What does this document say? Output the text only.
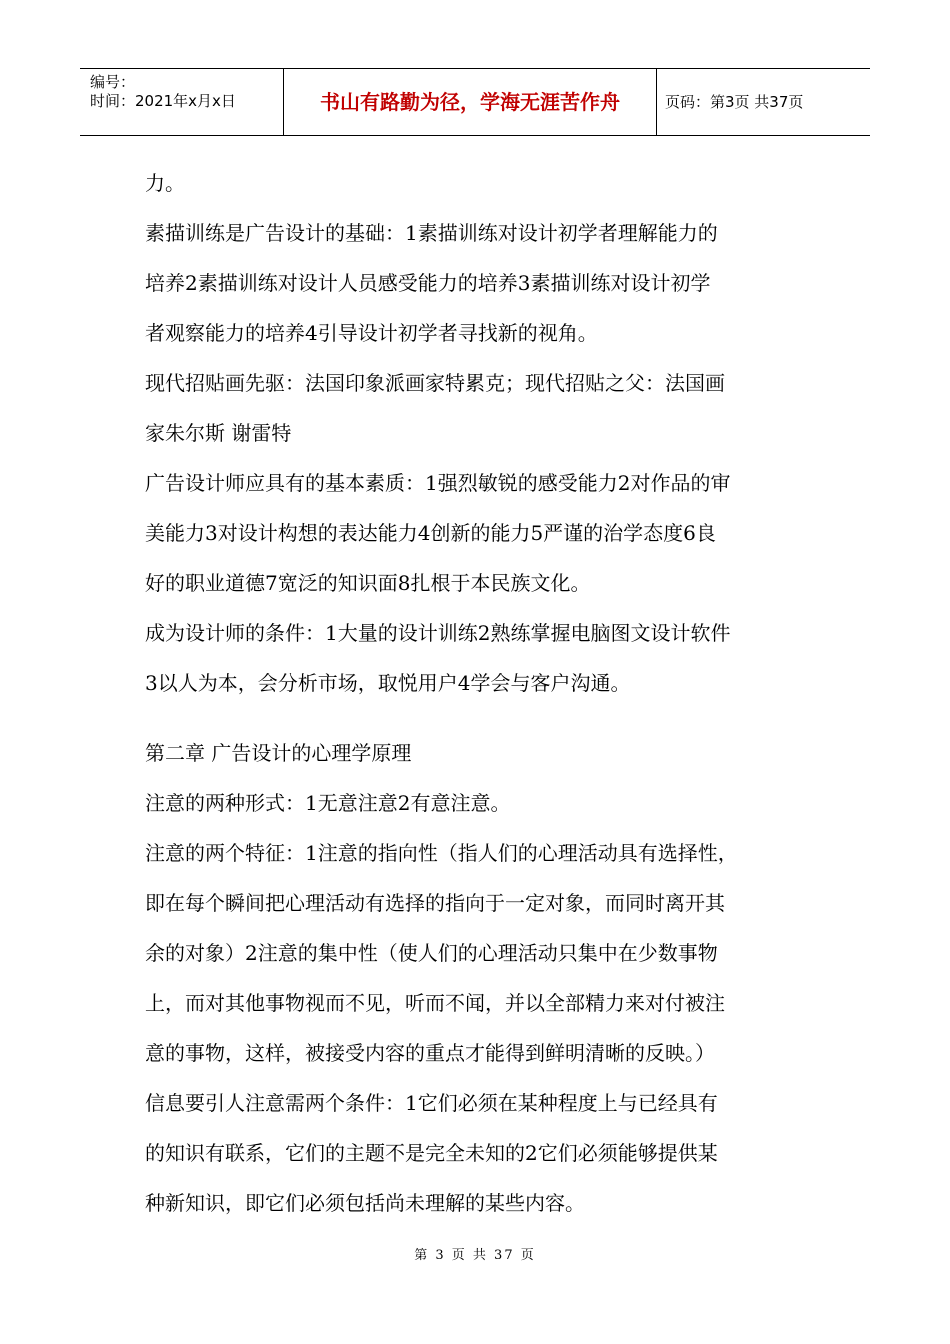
编号：
时间：2021年x月x日	书山有路勤为径，学海无涯苦作舟	页码：第3页 共37页
力。
素描训练是广告设计的基础：1素描训练对设计初学者理解能力的
培养2素描训练对设计人员感受能力的培养3素描训练对设计初学
者观察能力的培养4引导设计初学者寻找新的视角。
现代招贴画先驱：法国印象派画家特累克；现代招贴之父：法国画
家朱尔斯 谢雷特
广告设计师应具有的基本素质：1强烈敏锐的感受能力2对作品的审
美能力3对设计构想的表达能力4创新的能力5严谨的治学态度6良
好的职业道德7宽泛的知识面8扎根于本民族文化。
成为设计师的条件：1大量的设计训练2熟练掌握电脑图文设计软件
3以人为本，会分析市场，取悦用户4学会与客户沟通。
第二章 广告设计的心理学原理
注意的两种形式：1无意注意2有意注意。
注意的两个特征：1注意的指向性（指人们的心理活动具有选择性，
即在每个瞬间把心理活动有选择的指向于一定对象，而同时离开其
余的对象）2注意的集中性（使人们的心理活动只集中在少数事物
上，而对其他事物视而不见，听而不闻，并以全部精力来对付被注
意的事物，这样，被接受内容的重点才能得到鲜明清晰的反映。）
信息要引人注意需两个条件：1它们必须在某种程度上与已经具有
的知识有联系，它们的主题不是完全未知的2它们必须能够提供某
种新知识，即它们必须包括尚未理解的某些内容。
第 3 页 共 37 页
